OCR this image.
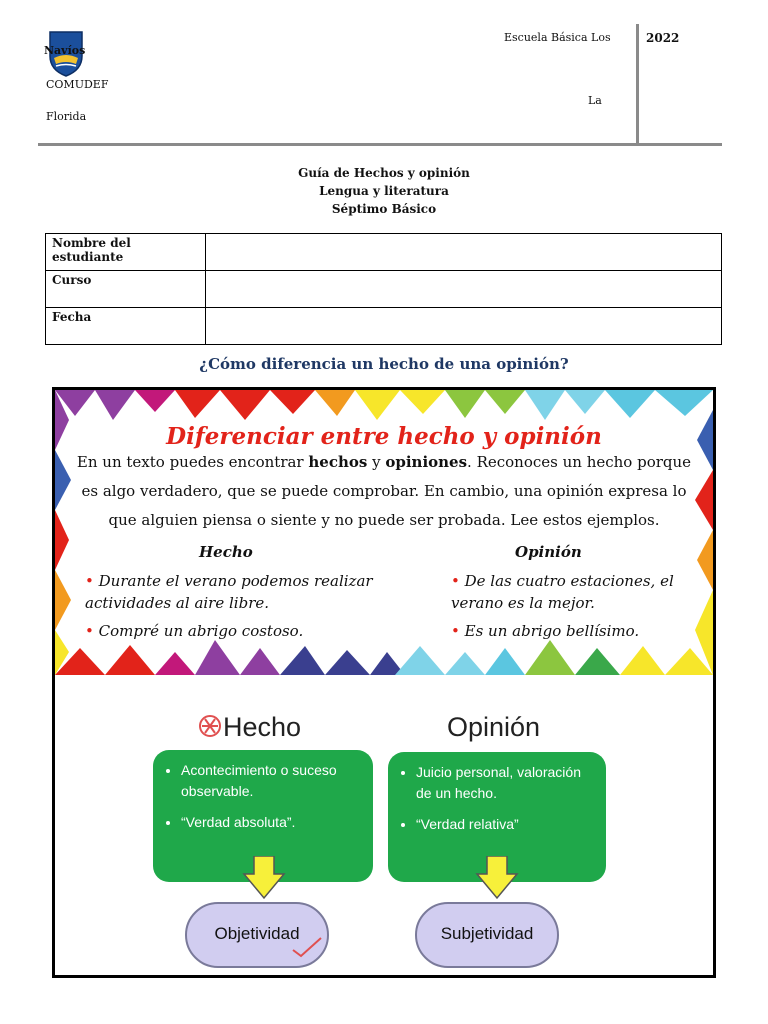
Navíos
COMUDEF
Florida
Escuela Básica Los
La
2022
Guía de Hechos y opinión
Lengua y literatura
Séptimo Básico
Nombre del estudiante	
Curso	
Fecha	
¿Cómo diferencia un hecho de una opinión?
Diferenciar entre hecho y opinión
En un texto puedes encontrar hechos y opiniones. Reconoces un hecho porque es algo verdadero, que se puede comprobar. En cambio, una opinión expresa lo que alguien piensa o siente y no puede ser probada. Lee estos ejemplos.
Hecho	Opinión
• Durante el verano podemos realizar actividades al aire libre.
• Compré un abrigo costoso.
• De las cuatro estaciones, el verano es la mejor.
• Es un abrigo bellísimo.
Hecho	Opinión
• Acontecimiento o suceso observable.
• “Verdad absoluta”.
• Juicio personal, valoración de un hecho.
• “Verdad relativa”
Objetividad	Subjetividad
